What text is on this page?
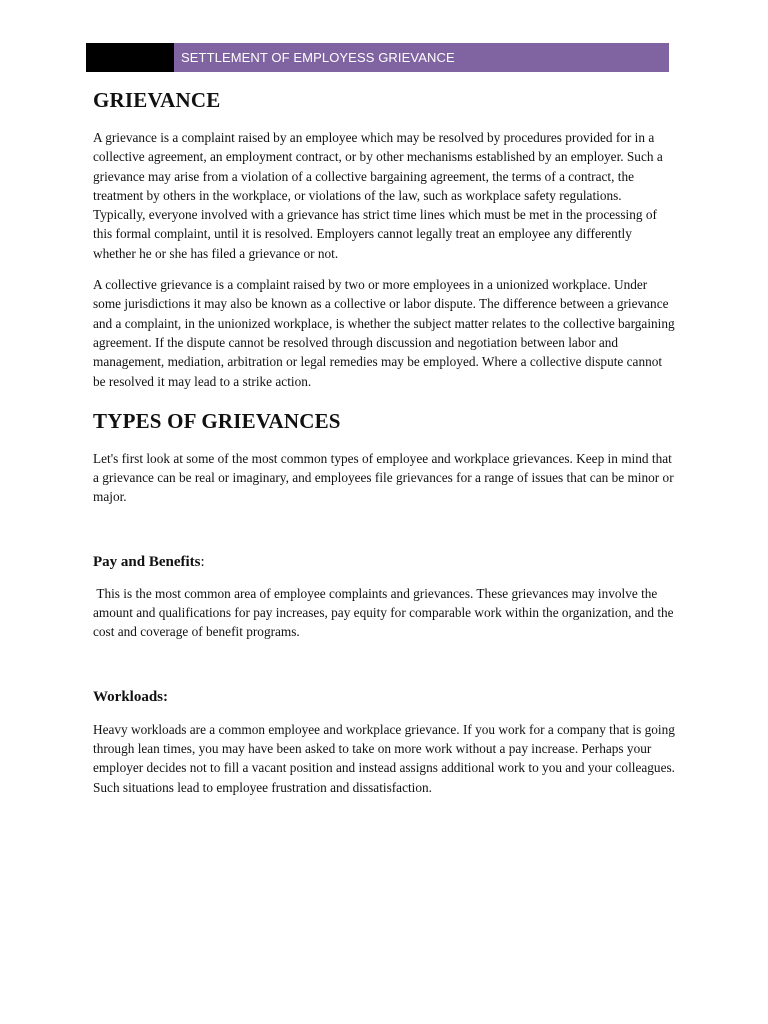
SETTLEMENT OF EMPLOYESS GRIEVANCE
GRIEVANCE

A grievance is a complaint raised by an employee which may be resolved by procedures provided for in a collective agreement, an employment contract, or by other mechanisms established by an employer. Such a grievance may arise from a violation of a collective bargaining agreement, the terms of a contract, the treatment by others in the workplace, or violations of the law, such as workplace safety regulations. Typically, everyone involved with a grievance has strict time lines which must be met in the processing of this formal complaint, until it is resolved. Employers cannot legally treat an employee any differently whether he or she has filed a grievance or not.

A collective grievance is a complaint raised by two or more employees in a unionized workplace. Under some jurisdictions it may also be known as a collective or labor dispute. The difference between a grievance and a complaint, in the unionized workplace, is whether the subject matter relates to the collective bargaining agreement. If the dispute cannot be resolved through discussion and negotiation between labor and management, mediation, arbitration or legal remedies may be employed. Where a collective dispute cannot be resolved it may lead to a strike action.

TYPES OF GRIEVANCES

Let's first look at some of the most common types of employee and workplace grievances. Keep in mind that a grievance can be real or imaginary, and employees file grievances for a range of issues that can be minor or major.

Pay and Benefits:

This is the most common area of employee complaints and grievances. These grievances may involve the amount and qualifications for pay increases, pay equity for comparable work within the organization, and the cost and coverage of benefit programs.

Workloads:

Heavy workloads are a common employee and workplace grievance. If you work for a company that is going through lean times, you may have been asked to take on more work without a pay increase. Perhaps your employer decides not to fill a vacant position and instead assigns additional work to you and your colleagues. Such situations lead to employee frustration and dissatisfaction.
